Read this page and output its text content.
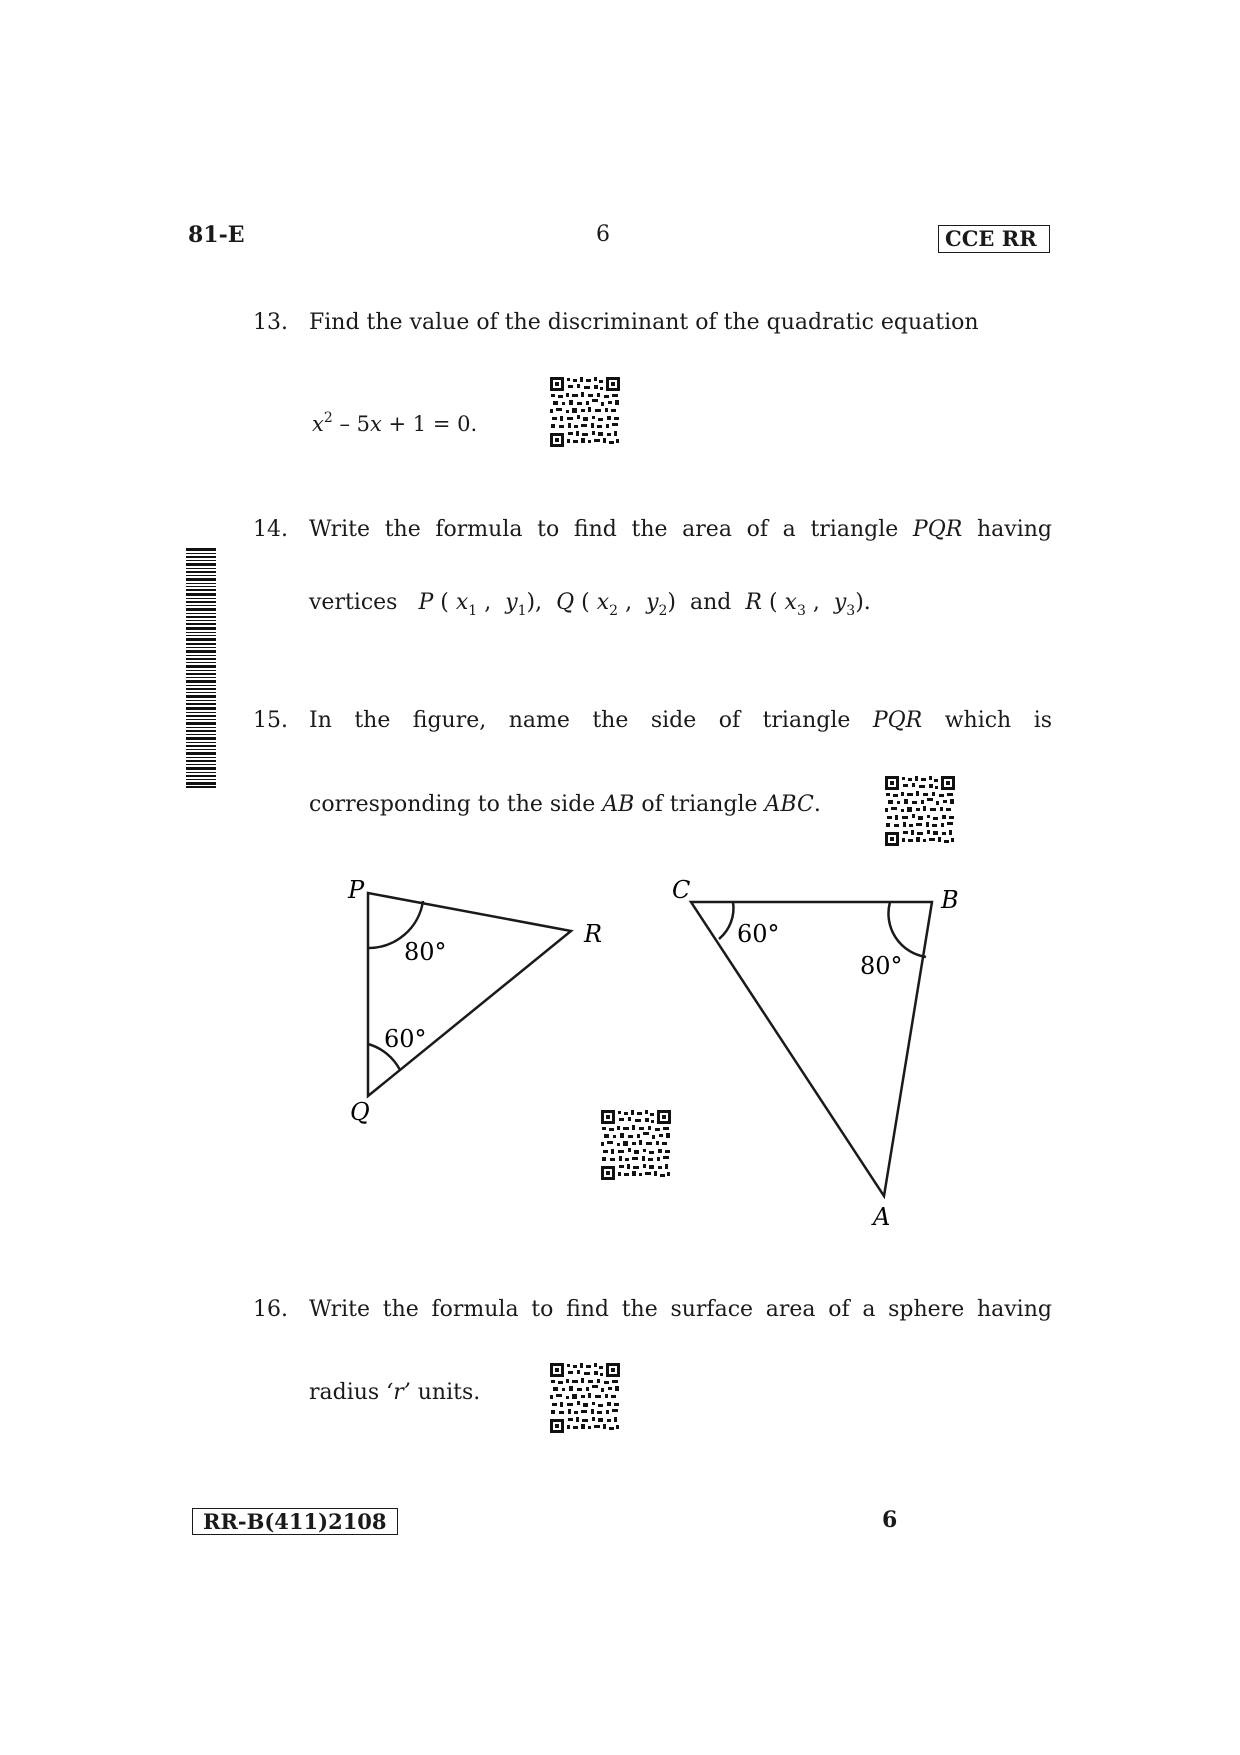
81-E	6	CCE RR
13. Find the value of the discriminant of the quadratic equation
$x^2 - 5x + 1 = 0$.
14. Write the formula to find the area of a triangle PQR having
vertices P ( $x_1$ ,  $y_1$),  Q ( $x_2$ ,  $y_2$)  and R ( $x_3$ ,  $y_3$).
15. In the figure, name the side of triangle PQR which is
corresponding to the side AB of triangle ABC.
P
Q
R
80°
60°
C	B
A
60°
80°
16. Write the formula to find the surface area of a sphere having
radius ‘r’ units.
RR-B(411)2108	6
